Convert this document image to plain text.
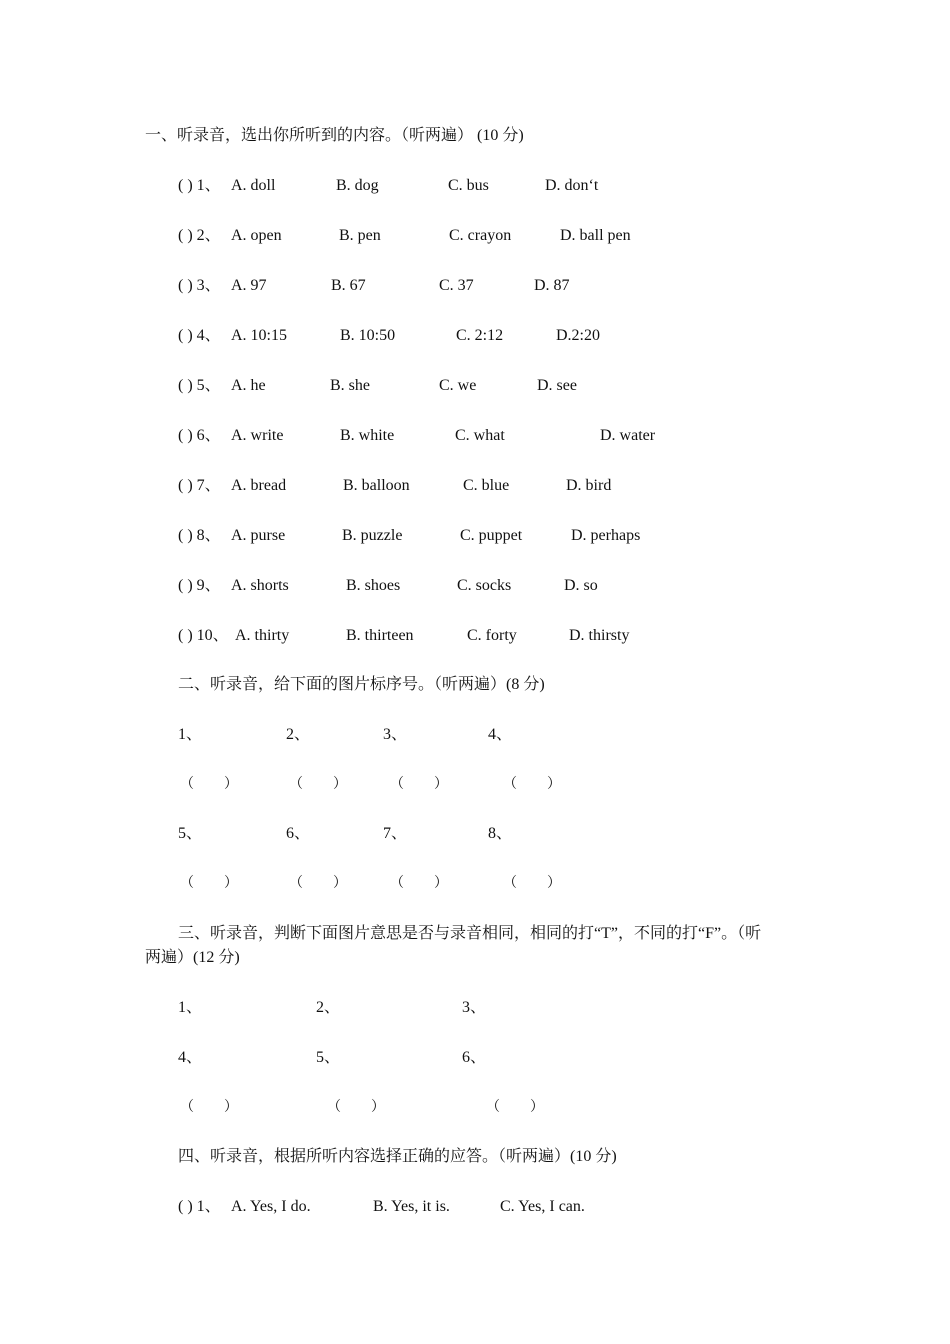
一、听录音，选出你所听到的内容。（听两遍） (10 分)
( ) 1、 A. doll	B. dog	C. bus	D. don‘t
( ) 2、 A. open	B. pen	C. crayon	D. ball pen
( ) 3、 A. 97	B. 67	C. 37	D. 87
( ) 4、 A. 10:15	B. 10:50	C. 2:12	D.2:20
( ) 5、 A. he	B. she	C. we	D. see
( ) 6、 A. write	B. white	C. what	D. water
( ) 7、 A. bread	B. balloon	C. blue	D. bird
( ) 8、 A. purse	B. puzzle	C. puppet	D. perhaps
( ) 9、 A. shorts	B. shoes	C. socks	D. so
( ) 10、 A. thirty	B. thirteen	C. forty	D. thirsty
二、听录音，给下面的图片标序号。（听两遍）(8 分)
1、	2、	3、	4、
（ ）	（ ）	（ ）	（ ）
5、	6、	7、	8、
（ ）	（ ）	（ ）	（ ）
三、听录音，判断下面图片意思是否与录音相同，相同的打“T”，不同的打“F”。（听
两遍）(12 分)
1、	2、	3、
4、	5、	6、
（ ）	（ ）	（ ）
四、听录音，根据所听内容选择正确的应答。（听两遍）(10 分)
( ) 1、 A. Yes, I do.	B. Yes, it is.	C. Yes, I can.
